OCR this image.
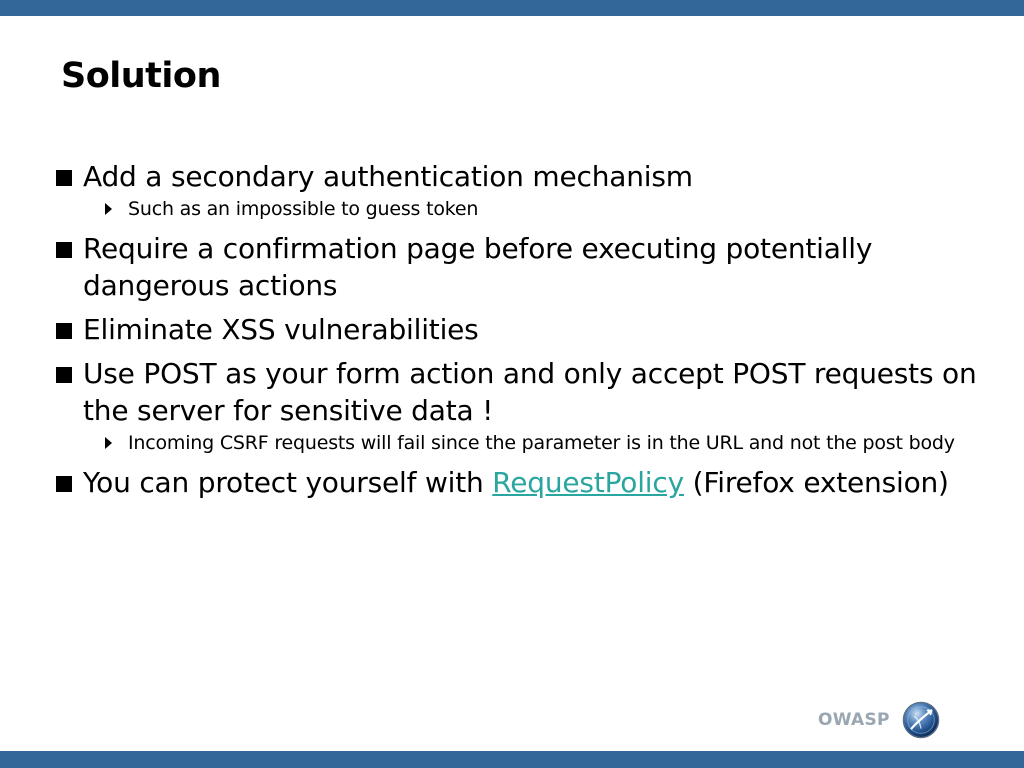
Solution
Add a secondary authentication mechanism
Such as an impossible to guess token
Require a confirmation page before executing potentially dangerous actions
Eliminate XSS vulnerabilities
Use POST as your form action and only accept POST requests on the server for sensitive data !
Incoming CSRF requests will fail since the parameter is in the URL and not the post body
You can protect yourself with RequestPolicy (Firefox extension)
OWASP
